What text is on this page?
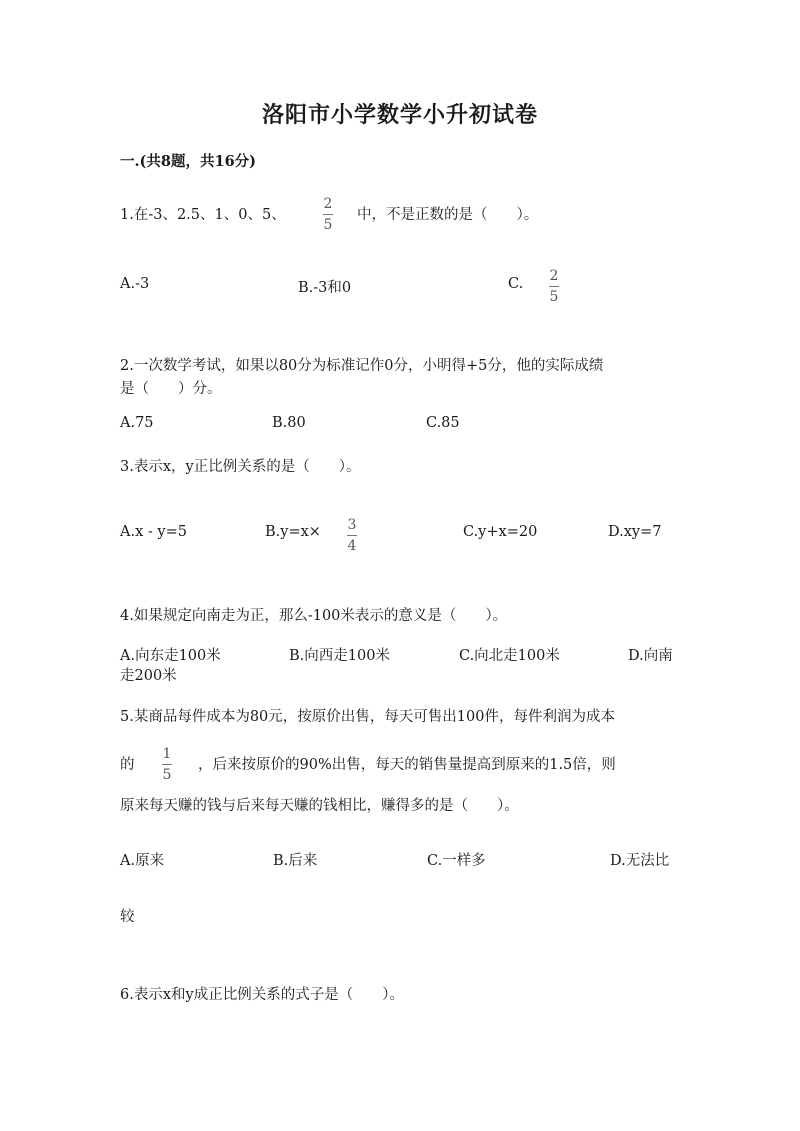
洛阳市小学数学小升初试卷
一.(共8题，共16分)
1.在-3、2.5、1、0、5、
2
5
中，不是正数的是（　　）。
A.-3	B.-3和0	C. 2
5
2.一次数学考试，如果以80分为标准记作0分，小明得+5分，他的实际成绩
是（　　）分。
A.75	B.80	C.85
3.表示x，y正比例关系的是（　　）。
A.x - y=5	B.y=x× 3
4
C.y+x=20	D.xy=7
4.如果规定向南走为正，那么-100米表示的意义是（　　）。
A.向东走100米	B.向西走100米	C.向北走100米	D.向南
走200米
5.某商品每件成本为80元，按原价出售，每天可售出100件，每件利润为成本
的
1
5
，后来按原价的90%出售，每天的销售量提高到原来的1.5倍，则
原来每天赚的钱与后来每天赚的钱相比，赚得多的是（　　）。
A.原来	B.后来	C.一样多	D.无法比
较
6.表示x和y成正比例关系的式子是（　　）。
